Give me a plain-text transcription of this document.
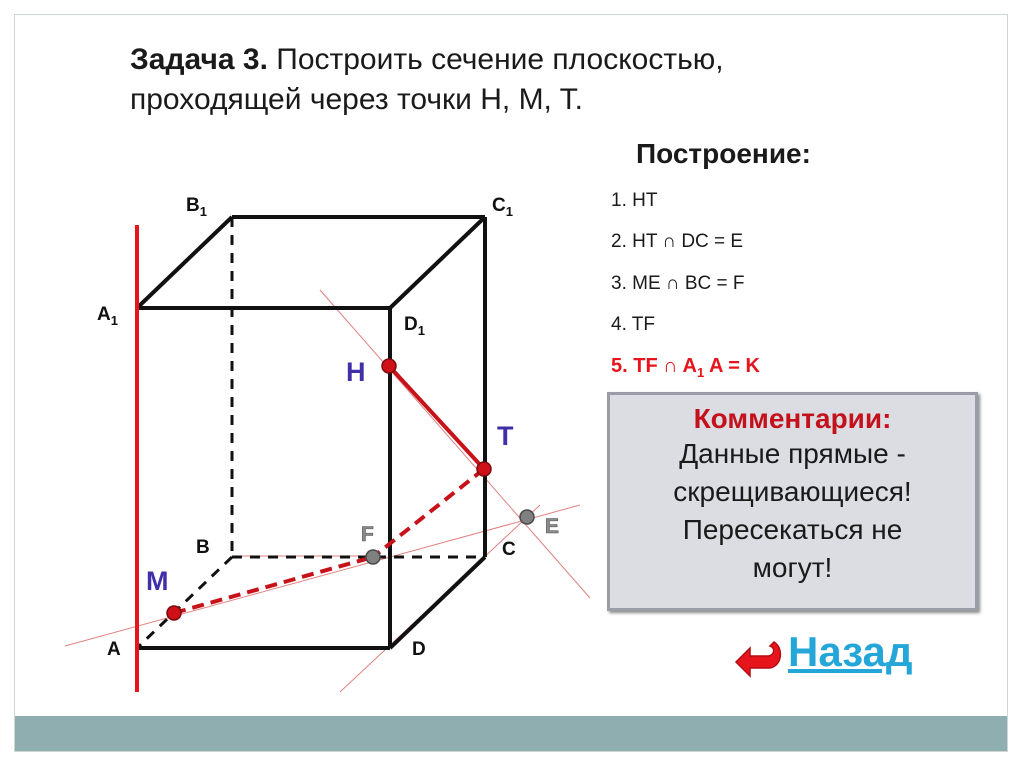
Задача 3. Построить сечение плоскостью, проходящей через точки H, M, T.
Построение:
1. HT
2. HT ∩ DC = E
3. ME ∩ BC = F
4. TF
5. TF ∩ $A_1$ A = K
Комментарии:
Данные прямые -
скрещивающиеся!
Пересекаться не
могут!
Назад
$B_1$	$C_1$
$A_1$	$D_1$
B	C
A	D
H
T
M
F	E
